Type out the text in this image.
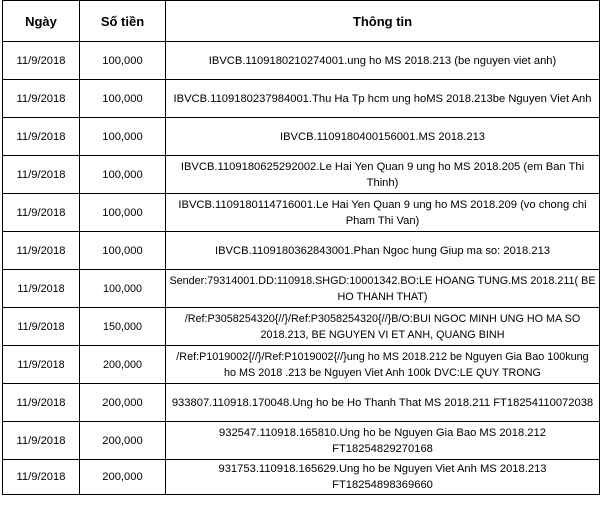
Ngày	Số tiền	Thông tin
11/9/2018	100,000	IBVCB.1109180210274001.ung ho MS 2018.213 (be nguyen viet anh)
11/9/2018	100,000	IBVCB.1109180237984001.Thu Ha Tp hcm ung hoMS 2018.213be Nguyen Viet Anh
11/9/2018	100,000	IBVCB.1109180400156001.MS 2018.213
11/9/2018	100,000	IBVCB.1109180625292002.Le Hai Yen Quan 9 ung ho MS 2018.205 (em Ban Thi Thinh)
11/9/2018	100,000	IBVCB.1109180114716001.Le Hai Yen Quan 9 ung ho MS 2018.209 (vo chong chi Pham Thi Van)
11/9/2018	100,000	IBVCB.1109180362843001.Phan Ngoc hung Giup ma so: 2018.213
11/9/2018	100,000	Sender:79314001.DD:110918.SHGD:10001342.BO:LE HOANG TUNG.MS 2018.211( BE HO THANH THAT)
11/9/2018	150,000	/Ref:P3058254320{//}/Ref:P3058254320{//}B/O:BUI NGOC MINH UNG HO MA SO 2018.213, BE NGUYEN VI ET ANH, QUANG BINH
11/9/2018	200,000	/Ref:P1019002{//}/Ref:P1019002{//}ung ho MS 2018.212 be Nguyen Gia Bao 100kung ho MS 2018 .213 be Nguyen Viet Anh 100k DVC:LE QUY TRONG
11/9/2018	200,000	933807.110918.170048.Ung ho be Ho Thanh That MS 2018.211 FT18254110072038
11/9/2018	200,000	932547.110918.165810.Ung ho be Nguyen Gia Bao MS 2018.212 FT18254829270168
11/9/2018	200,000	931753.110918.165629.Ung ho be Nguyen Viet Anh MS 2018.213 FT18254898369660
